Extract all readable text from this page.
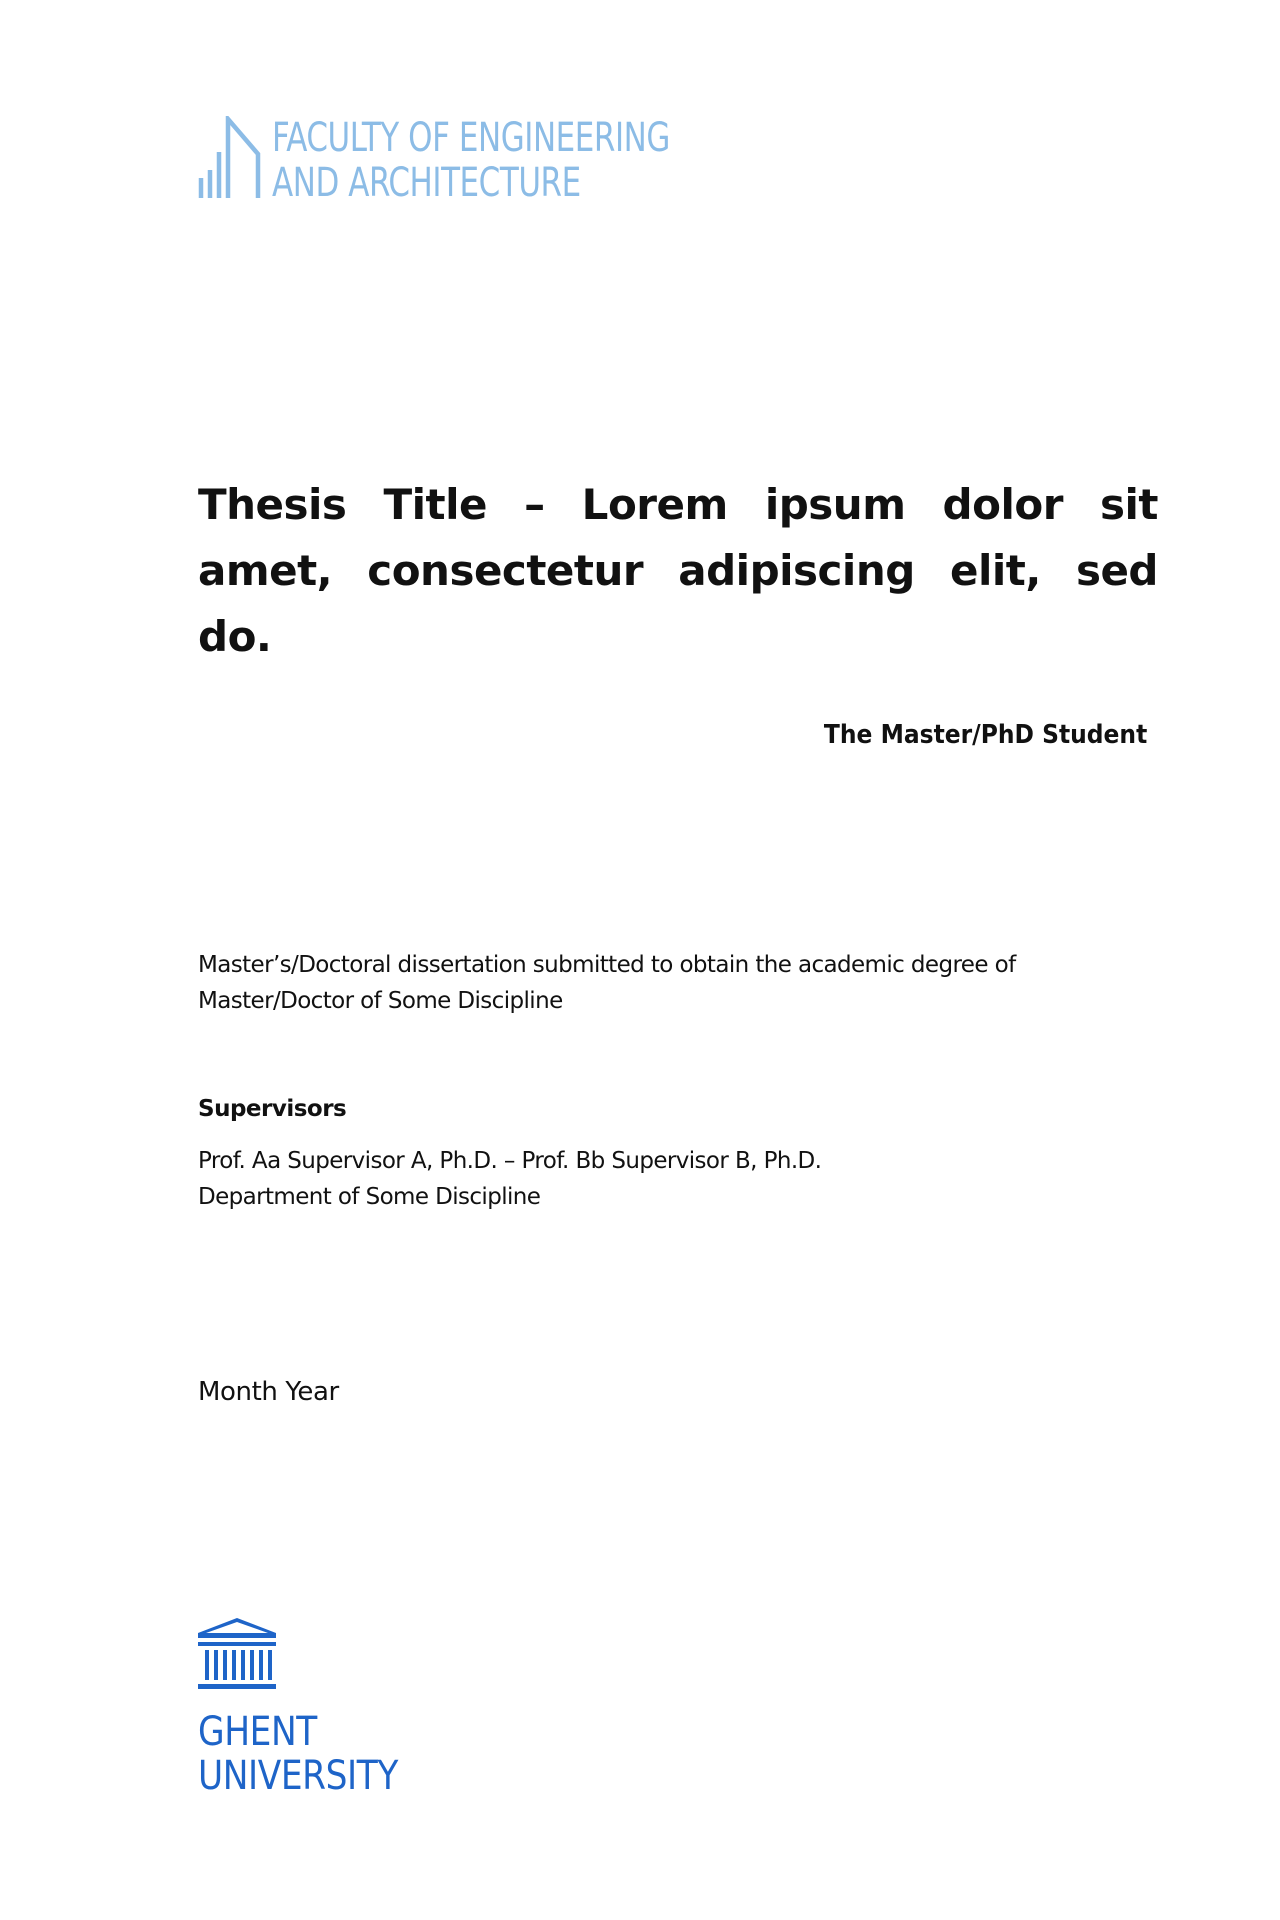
FACULTY OF ENGINEERING
AND ARCHITECTURE
Thesis Title – Lorem ipsum dolor sit amet, consectetur adipiscing elit, sed do.
The Master/PhD Student
Master’s/Doctoral dissertation submitted to obtain the academic degree of Master/Doctor of Some Discipline
Supervisors
Prof. Aa Supervisor A, Ph.D. – Prof. Bb Supervisor B, Ph.D.
Department of Some Discipline
Month Year
GHENT
UNIVERSITY
